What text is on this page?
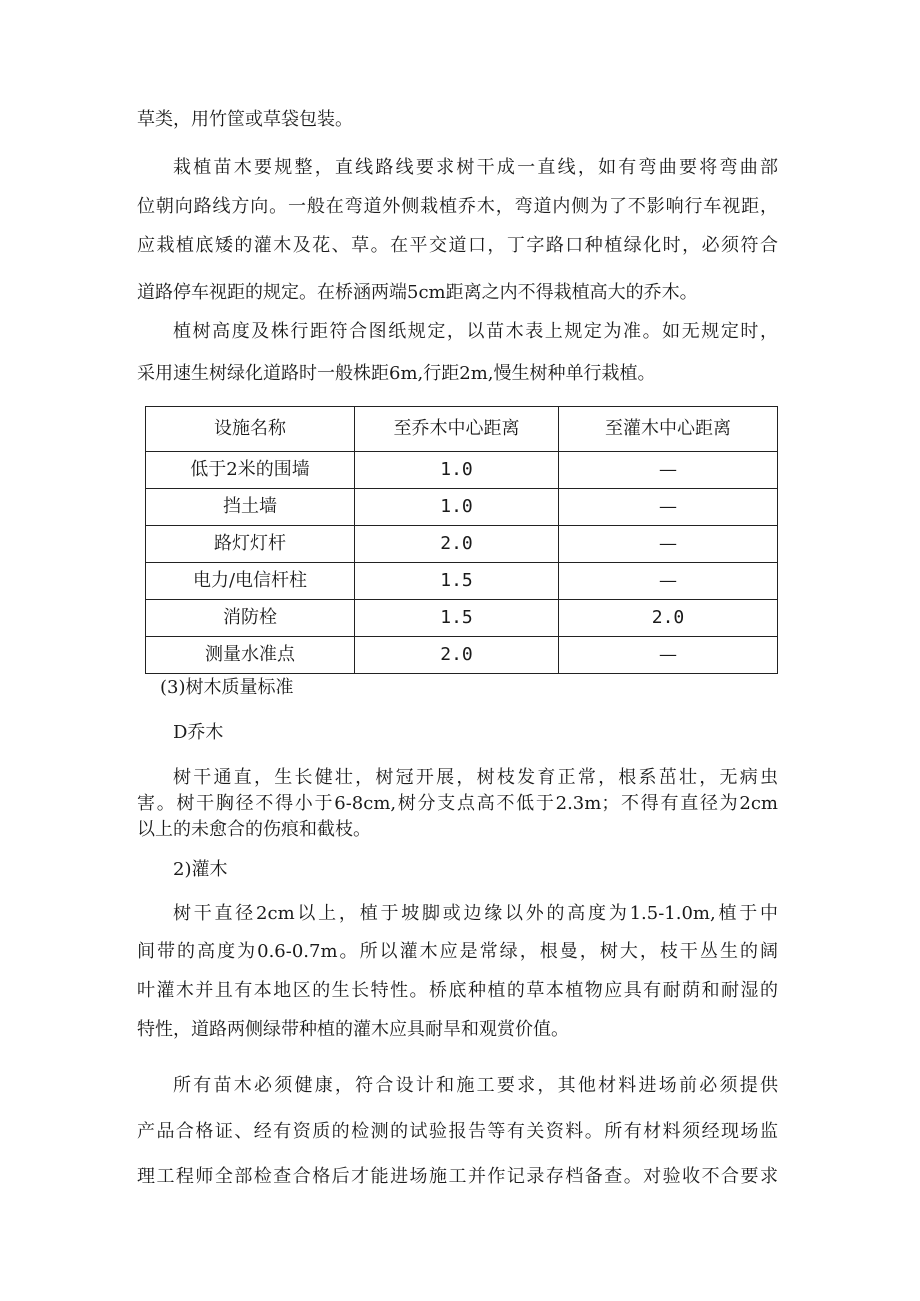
草类，用竹筐或草袋包装。
栽植苗木要规整，直线路线要求树干成一直线，如有弯曲要将弯曲部
位朝向路线方向。一般在弯道外侧栽植乔木，弯道内侧为了不影响行车视距，
应栽植底矮的灌木及花、草。在平交道口，丁字路口种植绿化时，必须符合
道路停车视距的规定。在桥涵两端5cm距离之内不得栽植高大的乔木。
植树高度及株行距符合图纸规定，以苗木表上规定为准。如无规定时，
采用速生树绿化道路时一般株距6m,行距2m,慢生树种单行栽植。
设施名称	至乔木中心距离	至灌木中心距离
低于2米的围墙	1.0	—
挡土墙	1.0	—
路灯灯杆	2.0	—
电力/电信杆柱	1.5	—
消防栓	1.5	2.0
测量水准点	2.0	—
(3)树木质量标准
D乔木
树干通直，生长健壮，树冠开展，树枝发育正常，根系茁壮，无病虫
害。树干胸径不得小于6-8cm,树分支点高不低于2.3m；不得有直径为2cm
以上的未愈合的伤痕和截枝。
2)灌木
树干直径2cm以上，植于坡脚或边缘以外的高度为1.5-1.0m,植于中
间带的高度为0.6-0.7m。所以灌木应是常绿，根曼，树大，枝干丛生的阔
叶灌木并且有本地区的生长特性。桥底种植的草本植物应具有耐荫和耐湿的
特性，道路两侧绿带种植的灌木应具耐旱和观赏价值。
所有苗木必须健康，符合设计和施工要求，其他材料进场前必须提供
产品合格证、经有资质的检测的试验报告等有关资料。所有材料须经现场监
理工程师全部检查合格后才能进场施工并作记录存档备查。对验收不合要求
